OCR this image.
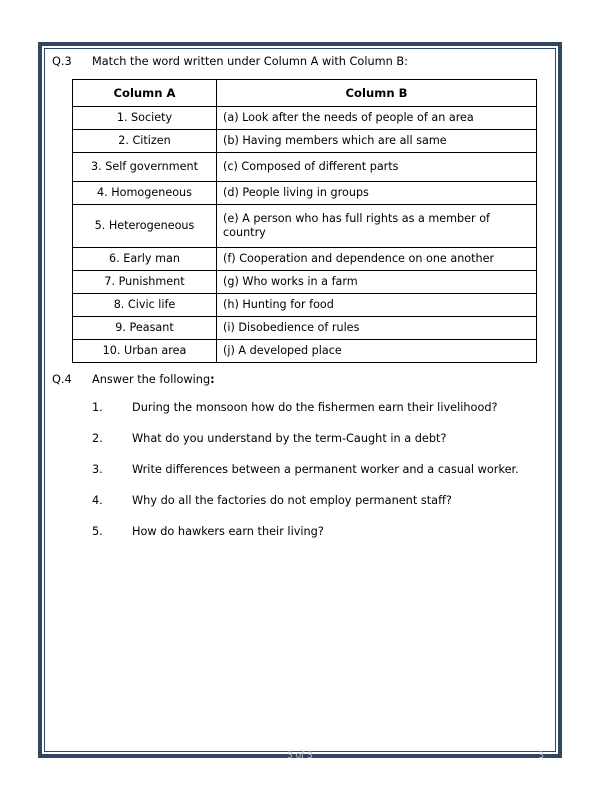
Q.3	Match the word written under Column A with Column B:
Column A	Column B
1. Society	(a) Look after the needs of people of an area
2. Citizen	(b) Having members which are all same
3. Self government	(c) Composed of different parts
4. Homogeneous	(d) People living in groups
5. Heterogeneous	(e) A person who has full rights as a member of country
6. Early man	(f) Cooperation and dependence on one another
7. Punishment	(g) Who works in a farm
8. Civic life	(h) Hunting for food
9. Peasant	(i) Disobedience of rules
10. Urban area	(j) A developed place
Q.4	Answer the following:
1.	During the monsoon how do the fishermen earn their livelihood?
2.	What do you understand by the term-Caught in a debt?
3.	Write differences between a permanent worker and a casual worker.
4.	Why do all the factories do not employ permanent staff?
5.	How do hawkers earn their living?
3 of 3	3
